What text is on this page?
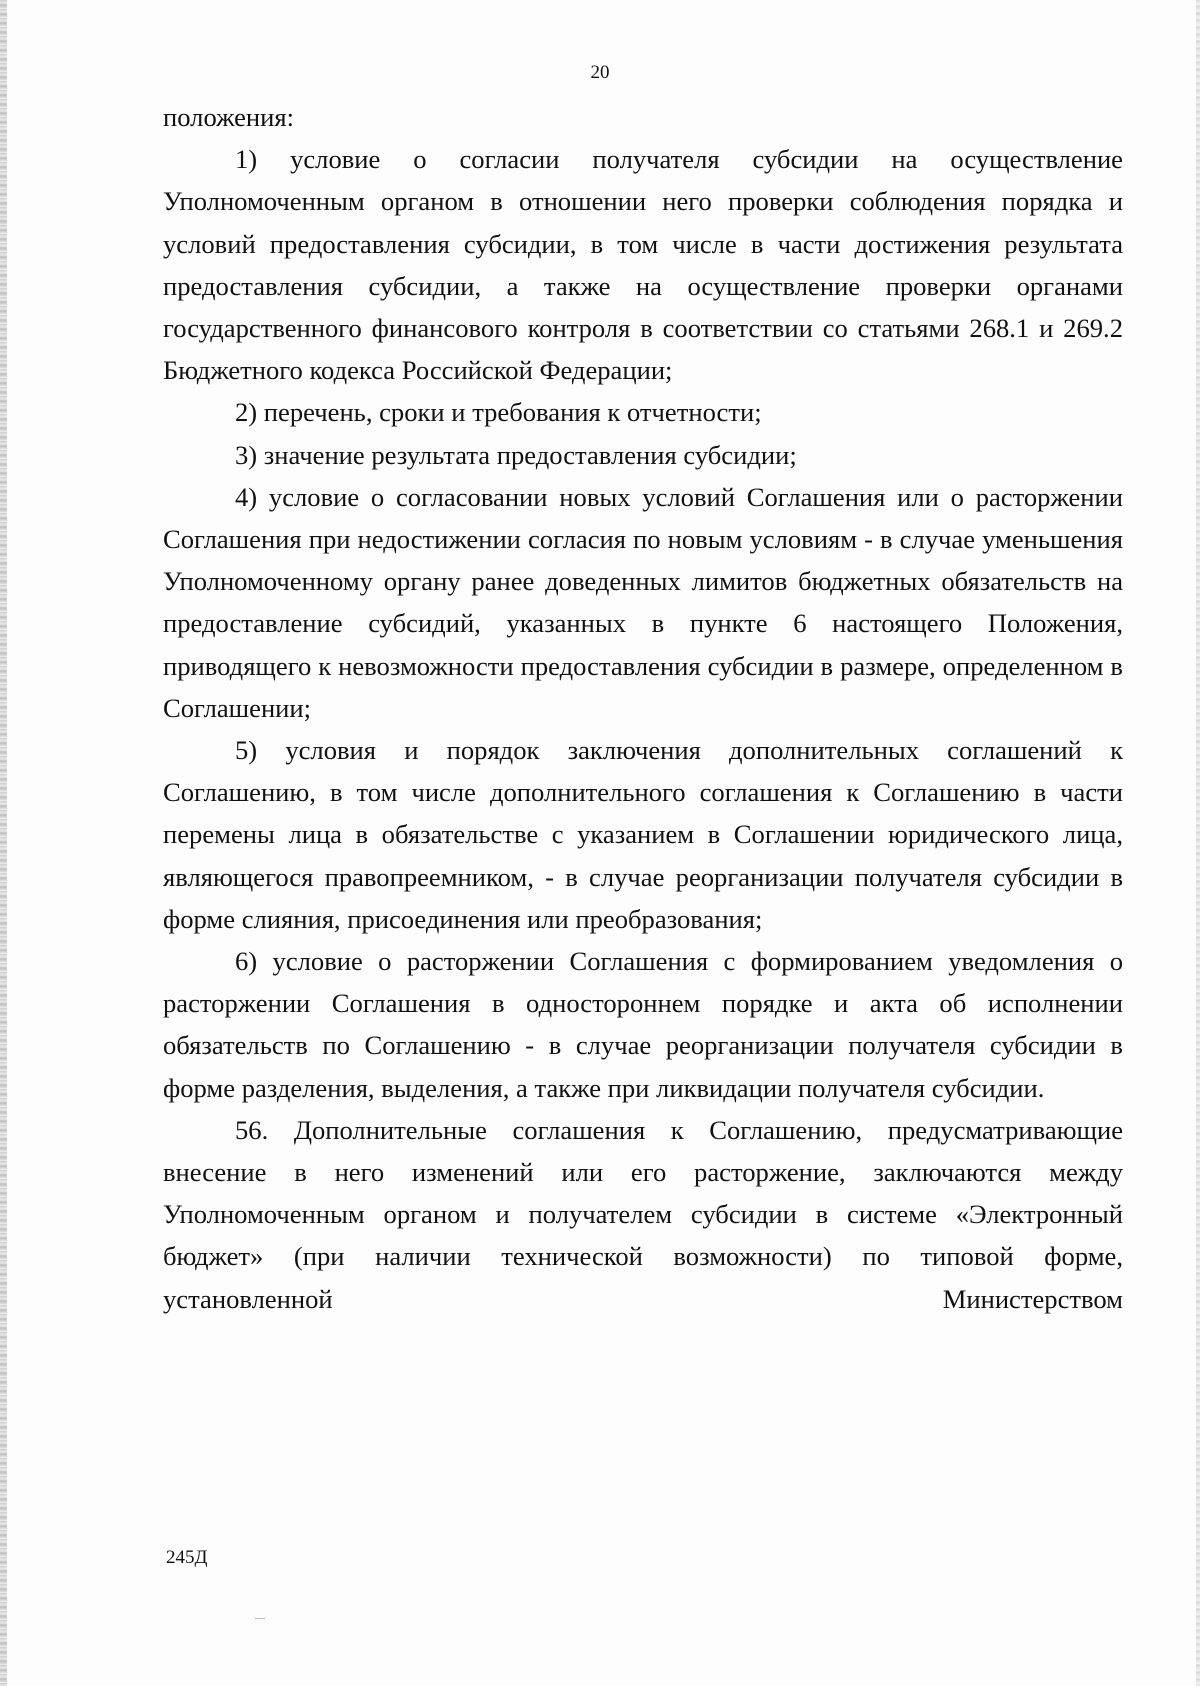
20

положения:

1) условие о согласии получателя субсидии на осуществление Уполномоченным органом в отношении него проверки соблюдения порядка и условий предоставления субсидии, в том числе в части достижения результата предоставления субсидии, а также на осуществление проверки органами государственного финансового контроля в соответствии со статьями 268.1 и 269.2 Бюджетного кодекса Российской Федерации;

2) перечень, сроки и требования к отчетности;

3) значение результата предоставления субсидии;

4) условие о согласовании новых условий Соглашения или о расторжении Соглашения при недостижении согласия по новым условиям - в случае уменьшения Уполномоченному органу ранее доведенных лимитов бюджетных обязательств на предоставление субсидий, указанных в пункте 6 настоящего Положения, приводящего к невозможности предоставления субсидии в размере, определенном в Соглашении;

5) условия и порядок заключения дополнительных соглашений к Соглашению, в том числе дополнительного соглашения к Соглашению в части перемены лица в обязательстве с указанием в Соглашении юридического лица, являющегося правопреемником, - в случае реорганизации получателя субсидии в форме слияния, присоединения или преобразования;

6) условие о расторжении Соглашения с формированием уведомления о расторжении Соглашения в одностороннем порядке и акта об исполнении обязательств по Соглашению - в случае реорганизации получателя субсидии в форме разделения, выделения, а также при ликвидации получателя субсидии.

56. Дополнительные соглашения к Соглашению, предусматривающие внесение в него изменений или его расторжение, заключаются между Уполномоченным органом и получателем субсидии в системе «Электронный бюджет» (при наличии технической возможности) по типовой форме, установленной Министерством

245Д
